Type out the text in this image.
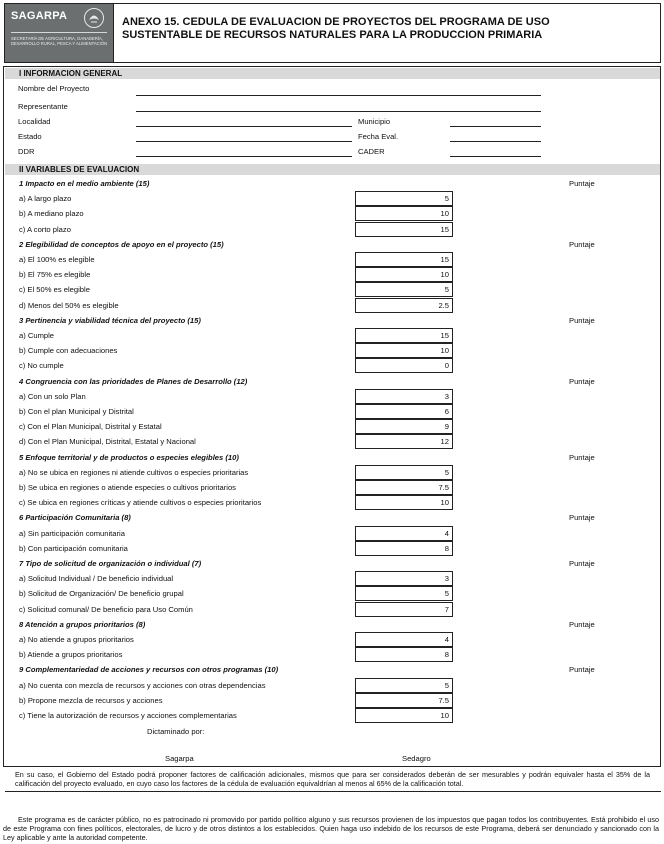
SAGARPA
SECRETARÍA DE AGRICULTURA, GANADERÍA, DESARROLLO RURAL, PESCA Y ALIMENTACIÓN
ANEXO 15. CEDULA DE EVALUACION DE PROYECTOS DEL PROGRAMA DE USO
SUSTENTABLE DE RECURSOS NATURALES PARA LA PRODUCCION PRIMARIA
I INFORMACION GENERAL
Nombre del Proyecto
Representante
Localidad	Municipio
Estado	Fecha Eval.
DDR	CADER
II VARIABLES DE EVALUACION
1 Impacto en el medio ambiente (15)	Puntaje
a) A largo plazo	5
b) A mediano plazo	10
c) A corto plazo	15
2 Elegibilidad de conceptos de apoyo en el proyecto (15)	Puntaje
a) El 100% es elegible	15
b) El 75% es elegible	10
c) El 50% es elegible	5
d) Menos del 50% es elegible	2.5
3 Pertinencia y viabilidad técnica del proyecto (15)	Puntaje
a) Cumple	15
b) Cumple con adecuaciones	10
c) No cumple	0
4 Congruencia con las prioridades de Planes de Desarrollo (12)	Puntaje
a) Con un solo Plan	3
b) Con el plan Municipal y Distrital	6
c) Con el Plan Municipal, Distrital y Estatal	9
d) Con el Plan Municipal, Distrital, Estatal y Nacional	12
5 Enfoque territorial y de productos o especies elegibles (10)	Puntaje
a) No se ubica en regiones ni atiende cultivos o especies prioritarias	5
b) Se ubica en regiones o atiende especies o cultivos prioritarios	7.5
c) Se ubica en regiones críticas y atiende cultivos o especies prioritarios	10
6 Participación Comunitaria (8)	Puntaje
a) Sin participación comunitaria	4
b) Con participación comunitaria	8
7 Tipo de solicitud de organización o individual (7)	Puntaje
a) Solicitud Individual / De beneficio individual	3
b) Solicitud de Organización/ De beneficio grupal	5
c) Solicitud comunal/ De beneficio para Uso Común	7
8 Atención a grupos prioritarios (8)	Puntaje
a) No atiende a grupos prioritarios	4
b) Atiende a grupos prioritarios	8
9 Complementariedad de acciones y recursos con otros programas (10)	Puntaje
a) No cuenta con mezcla de recursos y acciones con otras dependencias	5
b) Propone mezcla de recursos y acciones	7.5
c) Tiene la autorización de recursos y acciones complementarias	10
Dictaminado por:
Sagarpa	Sedagro
En su caso, el Gobierno del Estado podrá proponer factores de calificación adicionales, mismos que para ser considerados deberán de ser mesurables y podrán equivaler hasta el 35% de la calificación del proyecto evaluado, en cuyo caso los factores de la cédula de evaluación equivaldrían al menos al 65% de la calificación total.
Este programa es de carácter público, no es patrocinado ni promovido por partido político alguno y sus recursos provienen de los impuestos que pagan todos los contribuyentes. Está prohibido el uso de este Programa con fines políticos, electorales, de lucro y de otros distintos a los establecidos. Quien haga uso indebido de los recursos de este Programa, deberá ser denunciado y sancionado con la Ley aplicable y ante la autoridad competente.
